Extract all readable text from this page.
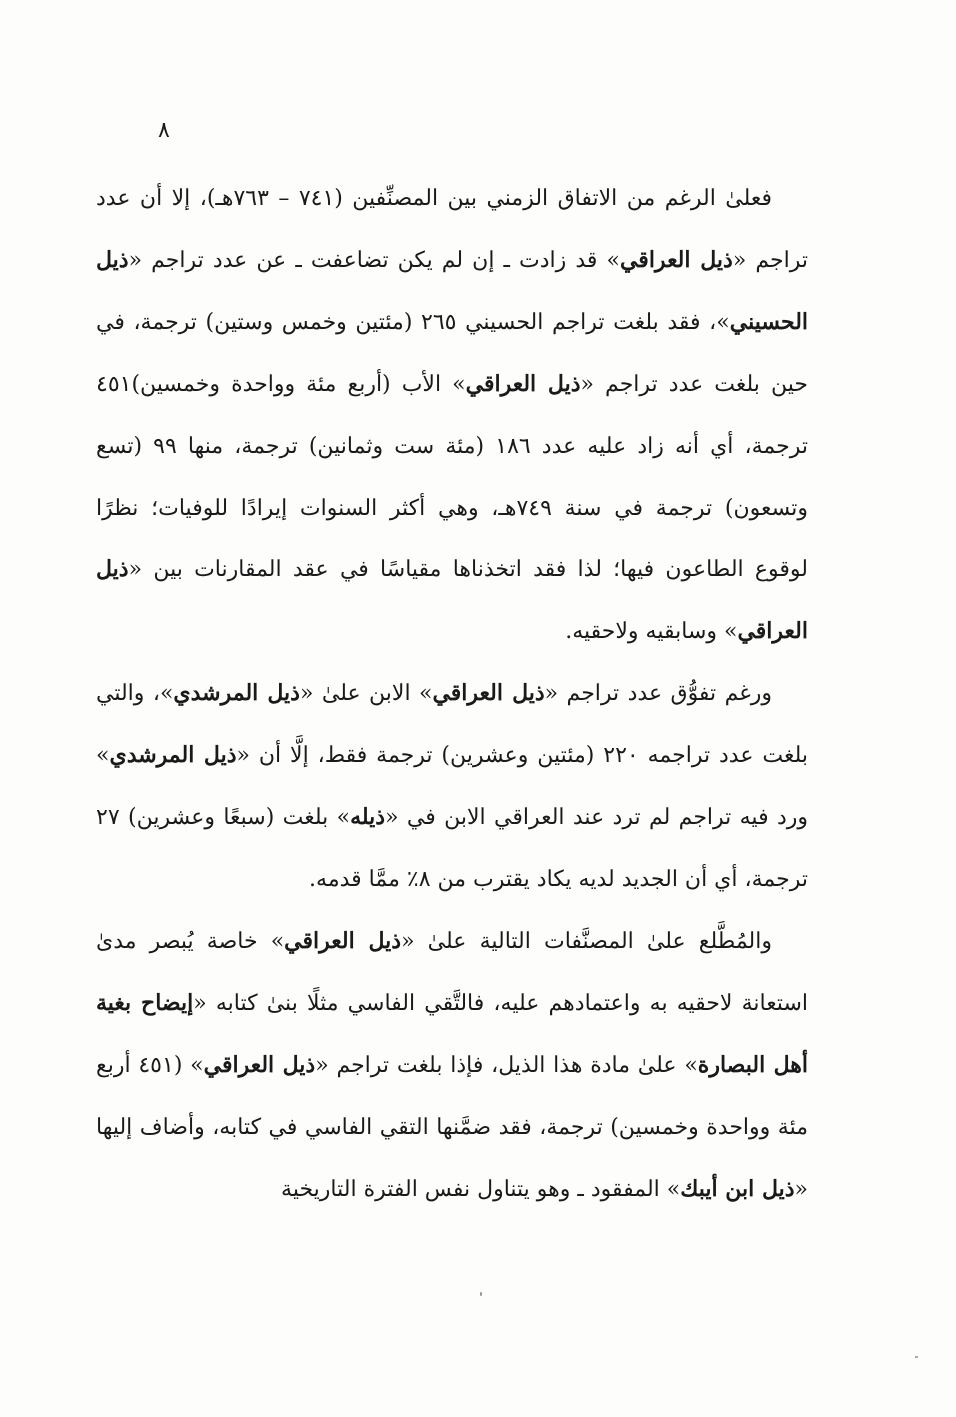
٨

فعلىٰ الرغم من الاتفاق الزمني بين المصنِّفين (٧٤١ – ٧٦٣هـ)، إلا أن عدد تراجم «ذيل العراقي» قد زادت ـ إن لم يكن تضاعفت ـ عن عدد تراجم «ذيل الحسيني»، فقد بلغت تراجم الحسيني ٢٦٥ (مئتين وخمس وستين) ترجمة، في حين بلغت عدد تراجم «ذيل العراقي» الأب (أربع مئة وواحدة وخمسين)٤٥١ ترجمة، أي أنه زاد عليه عدد ١٨٦ (مئة ست وثمانين) ترجمة، منها ٩٩ (تسع وتسعون) ترجمة في سنة ٧٤٩هـ، وهي أكثر السنوات إيرادًا للوفيات؛ نظرًا لوقوع الطاعون فيها؛ لذا فقد اتخذناها مقياسًا في عقد المقارنات بين «ذيل العراقي» وسابقيه ولاحقيه.

ورغم تفوُّق عدد تراجم «ذيل العراقي» الابن علىٰ «ذيل المرشدي»، والتي بلغت عدد تراجمه ٢٢٠ (مئتين وعشرين) ترجمة فقط، إلَّا أن «ذيل المرشدي» ورد فيه تراجم لم ترد عند العراقي الابن في «ذيله» بلغت (سبعًا وعشرين) ٢٧ ترجمة، أي أن الجديد لديه يكاد يقترب من ٨٪ ممَّا قدمه.

والمُطَّلع علىٰ المصنَّفات التالية علىٰ «ذيل العراقي» خاصة يُبصر مدىٰ استعانة لاحقيه به واعتمادهم عليه، فالتَّقي الفاسي مثلًا بنىٰ كتابه «إيضاح بغية أهل البصارة» علىٰ مادة هذا الذيل، فإذا بلغت تراجم «ذيل العراقي» (٤٥١ أربع مئة وواحدة وخمسين) ترجمة، فقد ضمَّنها التقي الفاسي في كتابه، وأضاف إليها «ذيل ابن أيبك» المفقود ـ وهو يتناول نفس الفترة التاريخية
